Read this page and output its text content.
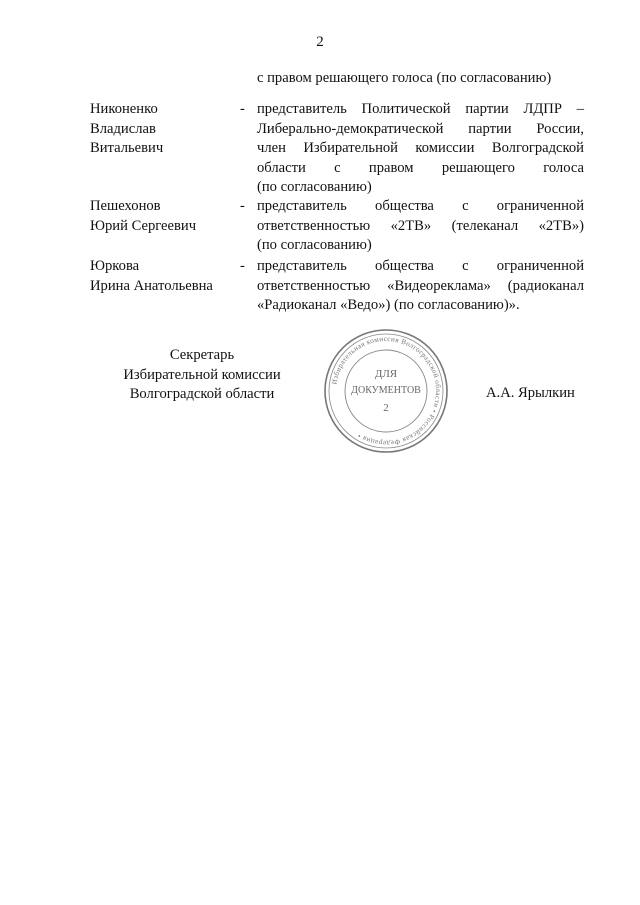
2
с правом решающего голоса (по согласованию)
Никоненко
Владислав
Витальевич
- представитель Политической партии ЛДПР –
Либерально-демократической партии России,
член Избирательной комиссии Волгоградской
области с правом решающего голоса
(по согласованию)
Пешехонов
Юрий Сергеевич
- представитель общества с ограниченной
ответственностью «2ТВ» (телеканал «2ТВ»)
(по согласованию)
Юркова
Ирина Анатольевна
- представитель общества с ограниченной
ответственностью «Видеореклама» (радиоканал
«Радиоканал «Ведо») (по согласованию)».
Секретарь
Избирательной комиссии
Волгоградской области
Избирательная комиссия Волгоградской области • Российская Федерация •
ДЛЯ
ДОКУМЕНТОВ
2
А.А. Ярылкин
